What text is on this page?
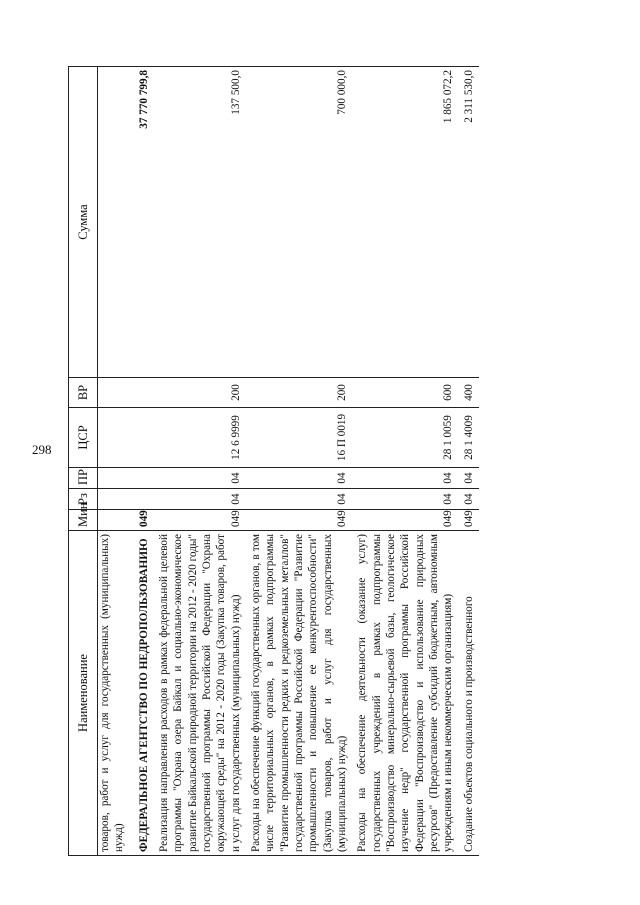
298
Наименование	Мин	Рз	ПР	ЦСР	ВР	Сумма
товаров, работ и услуг для государственных (муниципальных) нужд)						
ФЕДЕРАЛЬНОЕ АГЕНТСТВО ПО НЕДРОПОЛЬЗОВАНИЮ	049					37 770 799,8
Реализация направления расходов в рамках федеральной целевой программы "Охрана озера Байкал и социально-экономическое развитие Байкальской природной территории на 2012 - 2020 годы" государственной программы Российской Федерации "Охрана окружающей среды" на 2012 - 2020 годы (Закупка товаров, работ и услуг для государственных (муниципальных) нужд)	049	04	04	12 6 9999	200	137 500,0
Расходы на обеспечение функций государственных органов, в том числе территориальных органов, в рамках подпрограммы "Развитие промышленности редких и редкоземельных металлов" государственной программы Российской Федерации "Развитие промышленности и повышение ее конкурентоспособности" (Закупка товаров, работ и услуг для государственных (муниципальных) нужд)	049	04	04	16 П 0019	200	700 000,0
Расходы на обеспечение деятельности (оказание услуг) государственных учреждений в рамках подпрограммы "Воспроизводство минерально-сырьевой базы, геологическое изучение недр" государственной программы Российской Федерации "Воспроизводство и использование природных ресурсов" (Предоставление субсидий бюджетным, автономным учреждениям и иным некоммерческим организациям)	049	04	04	28 1 0059	600	1 865 072,2
Создание объектов социального и производственного	049	04	04	28 1 4009	400	2 311 530,0
